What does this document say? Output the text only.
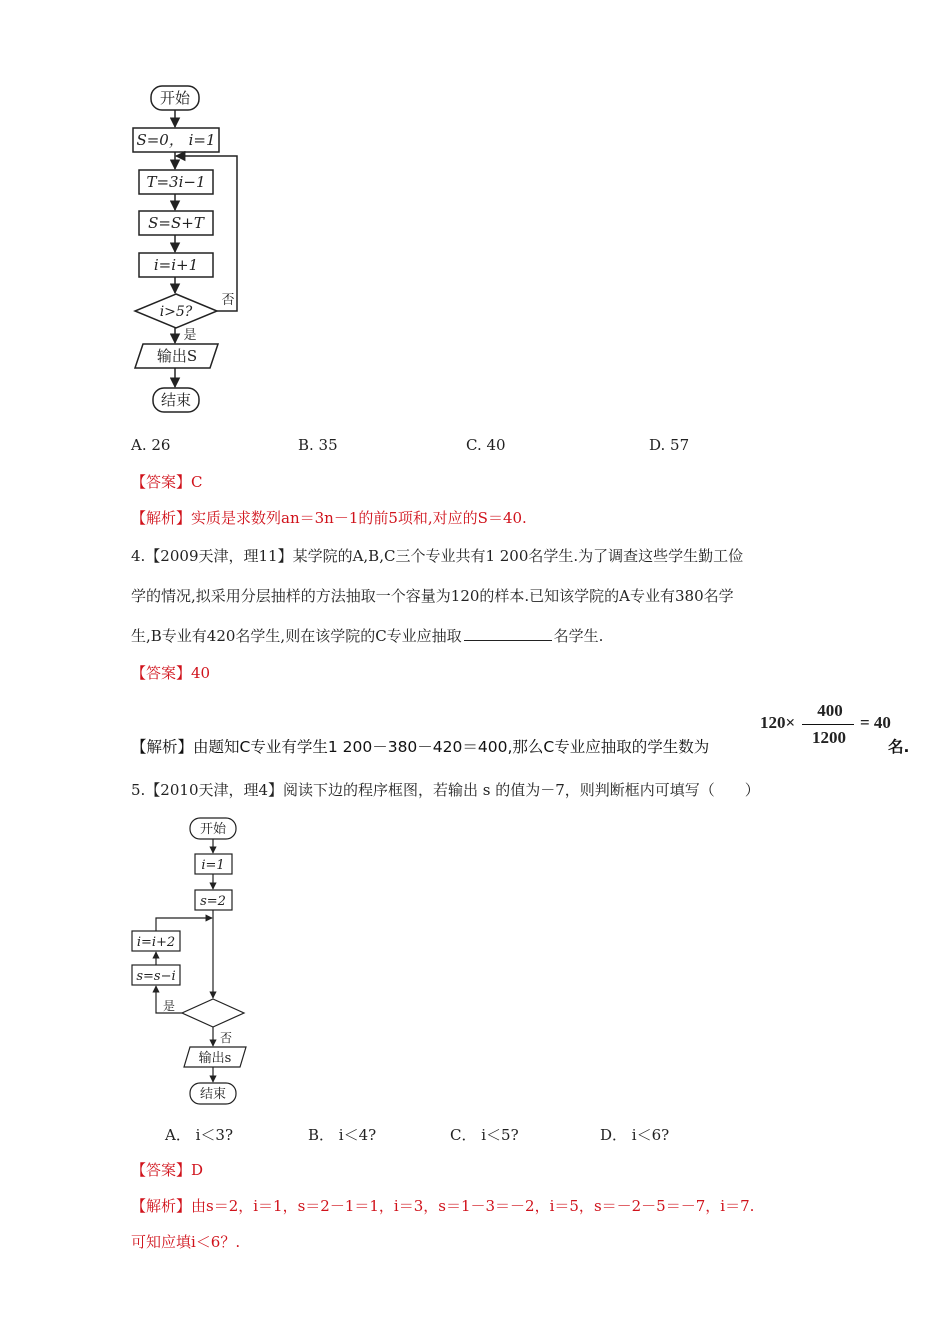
开始
S=0， i=1
T=3i−1
S=S+T
i=i+1
i>5?
输出S
结束
否
是
A. 26	B. 35	C. 40	D. 57
【答案】C
【解析】实质是求数列an＝3n－1的前5项和,对应的S＝40.
4.【2009天津，理11】某学院的A,B,C三个专业共有1 200名学生.为了调查这些学生勤工俭
学的情况,拟采用分层抽样的方法抽取一个容量为120的样本.已知该学院的A专业有380名学
生,B专业有420名学生,则在该学院的C专业应抽取	名学生.
【答案】40
【解析】由题知C专业有学生1 200－380－420＝400,那么C专业应抽取的学生数为
120×
400
1200
= 40
名.
5.【2010天津，理4】阅读下边的程序框图，若输出 s 的值为－7，则判断框内可填写（　　）
开始
i=1
s=2
i=i+2
s=s−i
是
否
输出s
结束
A． i＜3?	B． i＜4?	C． i＜5?	D． i＜6?
【答案】D
【解析】由s＝2，i＝1，s＝2－1＝1，i＝3，s＝1－3＝－2，i＝5，s＝－2－5＝－7，i＝7.
可知应填i＜6？.
